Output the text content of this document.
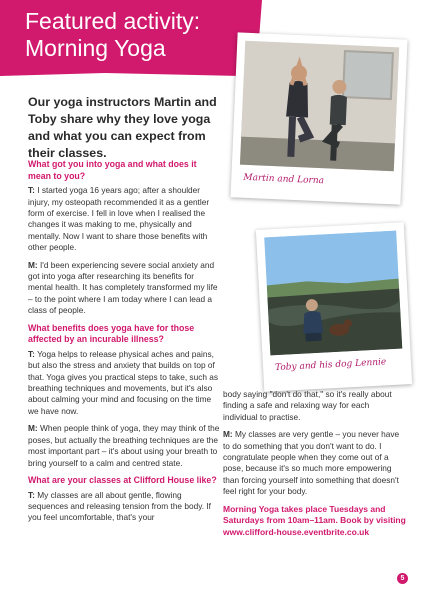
Featured activity:
Morning Yoga
Our yoga instructors Martin and Toby share why they love yoga and what you can expect from their classes.
What got you into yoga and what does it mean to you?

T: I started yoga 16 years ago; after a shoulder injury, my osteopath recommended it as a gentler form of exercise. I fell in love when I realised the changes it was making to me, physically and mentally. Now I want to share those benefits with other people.

M: I'd been experiencing severe social anxiety and got into yoga after researching its benefits for mental health. It has completely transformed my life – to the point where I am today where I can lead a class of people.

What benefits does yoga have for those affected by an incurable illness?

T: Yoga helps to release physical aches and pains, but also the stress and anxiety that builds on top of that. Yoga gives you practical steps to take, such as breathing techniques and movements, but it's also about calming your mind and focusing on the time we have now.

M: When people think of yoga, they may think of the poses, but actually the breathing techniques are the most important part – it's about using your breath to bring yourself to a calm and centred state.

What are your classes at Clifford House like?

T: My classes are all about gentle, flowing sequences and releasing tension from the body. If you feel uncomfortable, that's your

Martin and Lorna
Toby and his dog Lennie

body saying "don't do that," so it's really about finding a safe and relaxing way for each individual to practise.

M: My classes are very gentle – you never have to do something that you don't want to do. I congratulate people when they come out of a pose, because it's so much more empowering than forcing yourself into something that doesn't feel right for your body.

Morning Yoga takes place Tuesdays and Saturdays from 10am–11am. Book by visiting www.clifford-house.eventbrite.co.uk

5
